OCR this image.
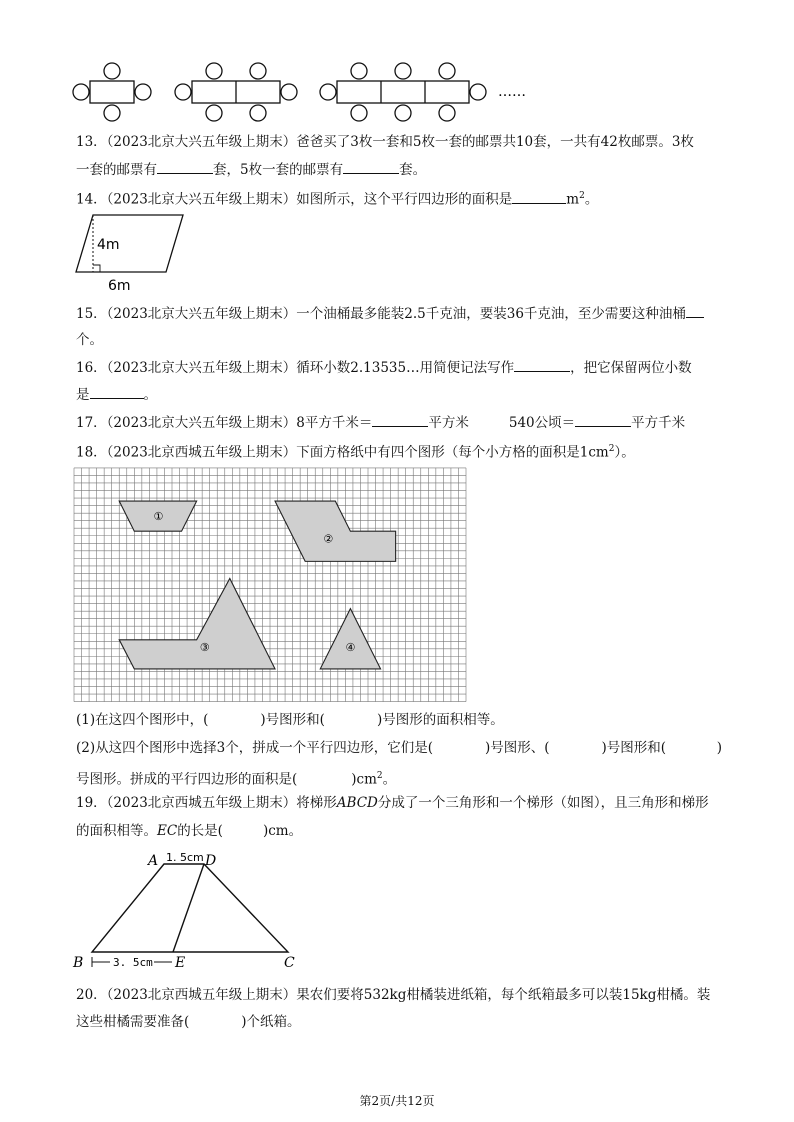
……
13．（2023北京大兴五年级上期末）爸爸买了3枚一套和5枚一套的邮票共10套，一共有42枚邮票。3枚
一套的邮票有	套，5枚一套的邮票有	套。
14．（2023北京大兴五年级上期末）如图所示，这个平行四边形的面积是	$m^2$。
4m
6m
15．（2023北京大兴五年级上期末）一个油桶最多能装2.5千克油，要装36千克油，至少需要这种油桶
个。
16．（2023北京大兴五年级上期末）循环小数2.13535…用简便记法写作	，把它保留两位小数
是	。
17．（2023北京大兴五年级上期末）8平方千米＝	平方米	540公顷＝	平方千米
18．（2023北京西城五年级上期末）下面方格纸中有四个图形（每个小方格的面积是$1cm^2$）。
①
②
③	④
(1)在这四个图形中，(	)号图形和(	)号图形的面积相等。
(2)从这四个图形中选择3个，拼成一个平行四边形，它们是(	)号图形、(	)号图形和(	)
号图形。拼成的平行四边形的面积是(	)$cm^2$。
19．（2023北京西城五年级上期末）将梯形ABCD分成了一个三角形和一个梯形（如图），且三角形和梯形
的面积相等。EC的长是(	)cm。
A	D
B	E	C
1. 5cm
3. 5cm
20．（2023北京西城五年级上期末）果农们要将532kg柑橘装进纸箱，每个纸箱最多可以装15kg柑橘。装
这些柑橘需要准备(	)个纸箱。
第2页/共12页
